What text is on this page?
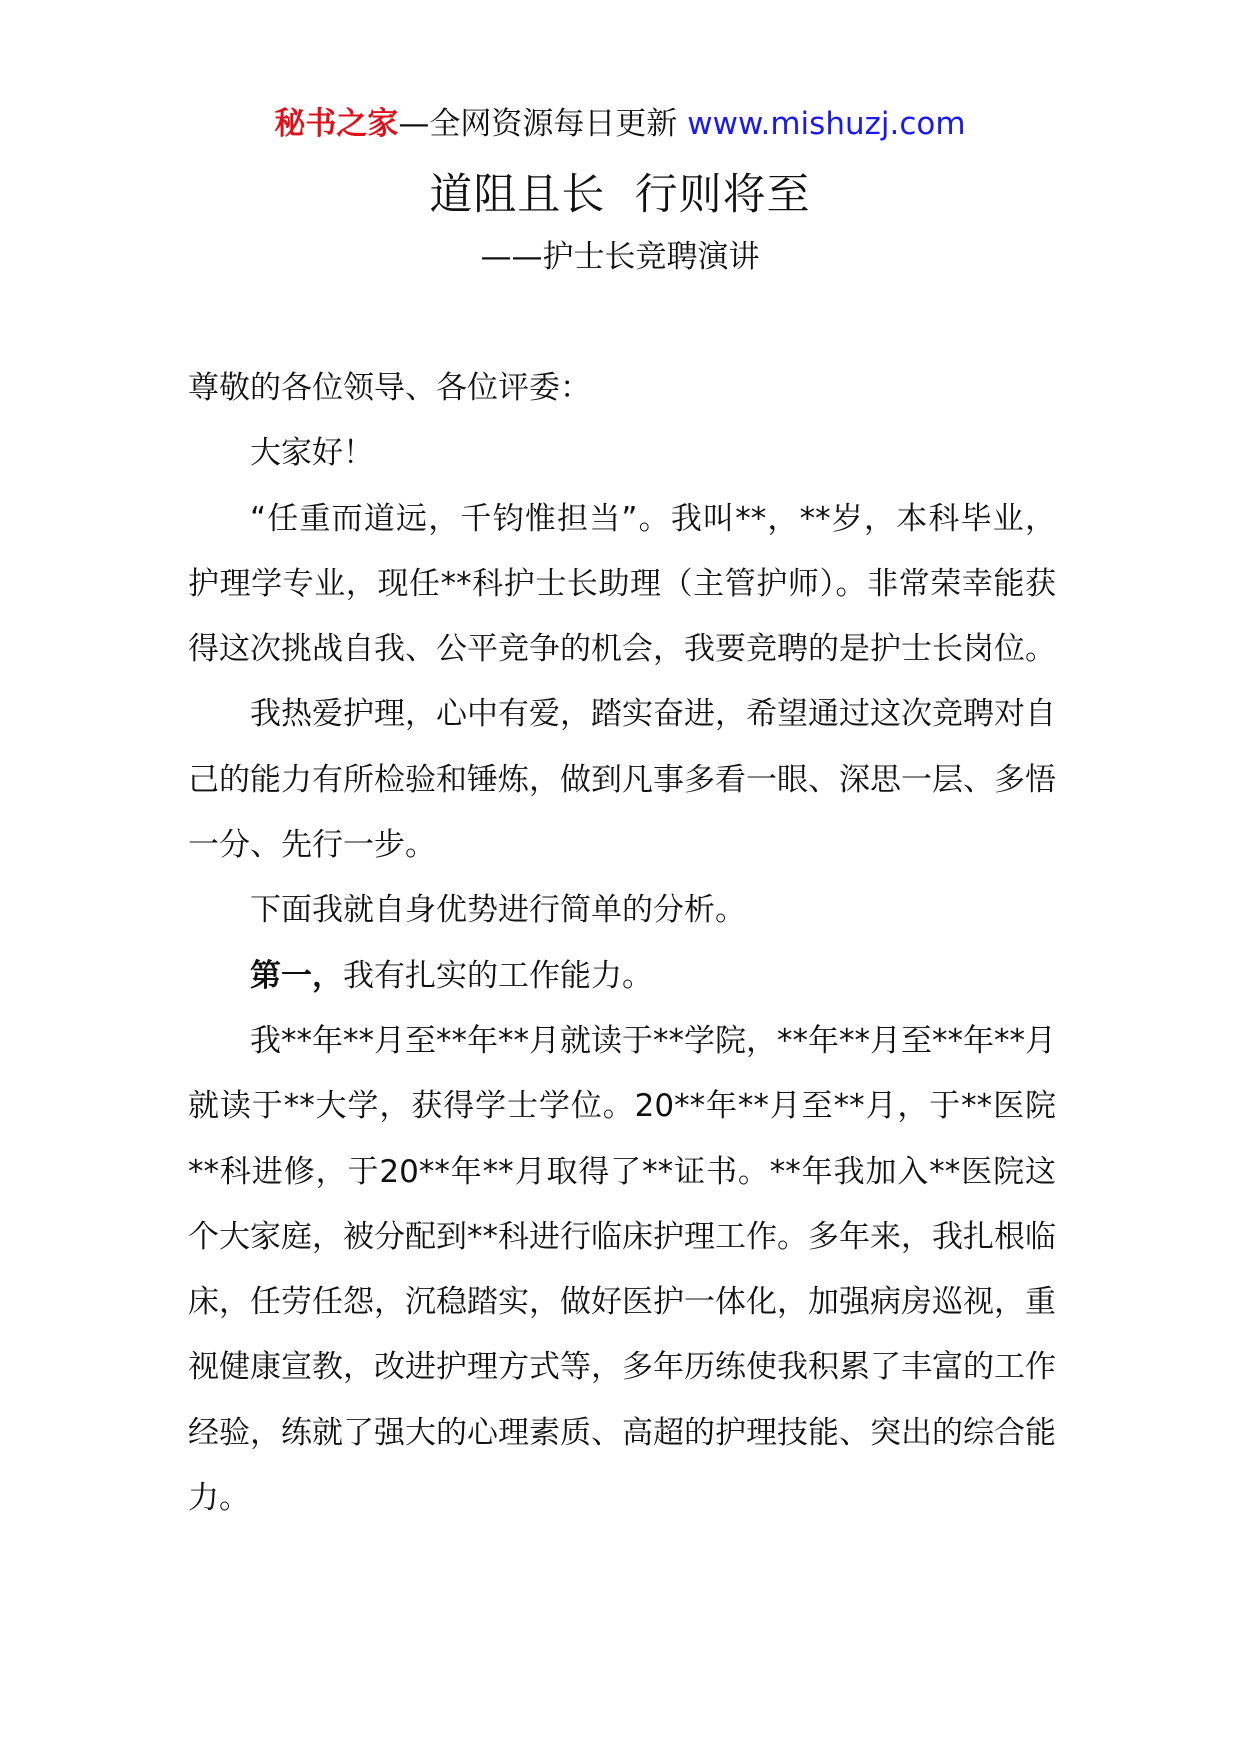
秘书之家—全网资源每日更新 www.mishuzj.com
道阻且长  行则将至
——护士长竞聘演讲

尊敬的各位领导、各位评委：

大家好！

“任重而道远，千钧惟担当”。我叫**，**岁，本科毕业，护理学专业，现任**科护士长助理（主管护师）。非常荣幸能获得这次挑战自我、公平竞争的机会，我要竞聘的是护士长岗位。

我热爱护理，心中有爱，踏实奋进，希望通过这次竞聘对自己的能力有所检验和锤炼，做到凡事多看一眼、深思一层、多悟一分、先行一步。

下面我就自身优势进行简单的分析。

第一，我有扎实的工作能力。

我**年**月至**年**月就读于**学院，**年**月至**年**月就读于**大学，获得学士学位。20**年**月至**月，于**医院**科进修，于20**年**月取得了**证书。**年我加入**医院这个大家庭，被分配到**科进行临床护理工作。多年来，我扎根临床，任劳任怨，沉稳踏实，做好医护一体化，加强病房巡视，重视健康宣教，改进护理方式等，多年历练使我积累了丰富的工作经验，练就了强大的心理素质、高超的护理技能、突出的综合能力。
